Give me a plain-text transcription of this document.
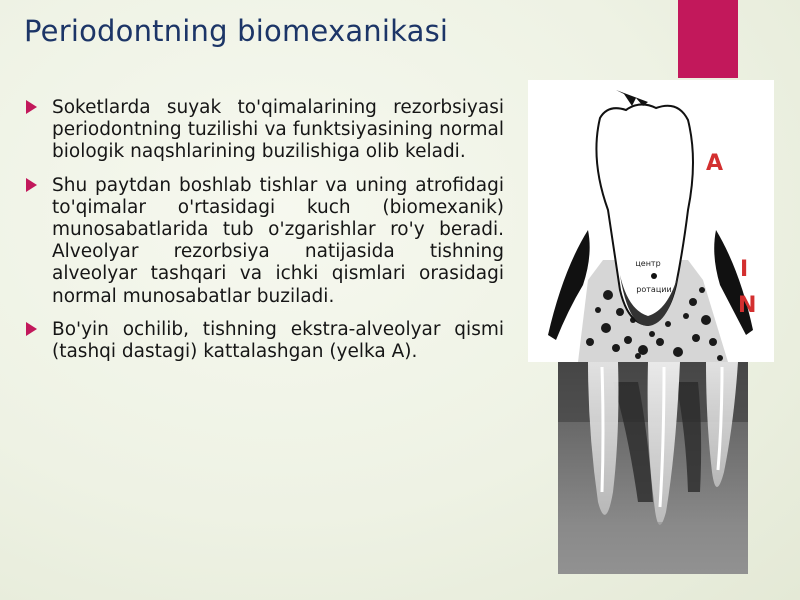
Periodontning biomexanikasi
Soketlarda suyak to'qimalarining rezorbsiyasi periodontning tuzilishi va funktsiyasining normal biologik naqshlarining buzilishiga olib keladi.
Shu paytdan boshlab tishlar va uning atrofidagi to'qimalar o'rtasidagi kuch (biomexanik) munosabatlarida tub o'zgarishlar ro'y beradi. Alveolyar rezorbsiya natijasida tishning alveolyar tashqari va ichki qismlari orasidagi normal munosabatlar buziladi.
Bo'yin ochilib, tishning ekstra-alveolyar qismi (tashqi dastagi) kattalashgan (yelka A).
центр
ротации
A
I
N
